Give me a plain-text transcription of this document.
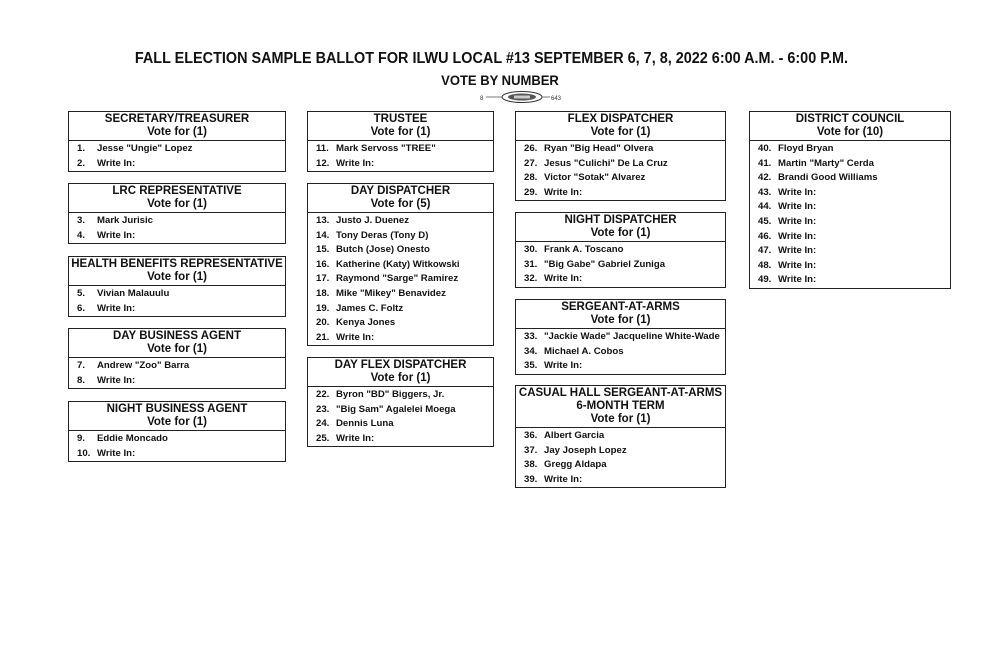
FALL ELECTION SAMPLE BALLOT FOR ILWU LOCAL #13 SEPTEMBER 6, 7, 8, 2022 6:00 A.M. - 6:00 P.M.
VOTE BY NUMBER
8	643
SECRETARY/TREASURER
Vote for (1)
1.	Jesse "Ungie" Lopez
2.	Write In:
LRC REPRESENTATIVE
Vote for (1)
3.	Mark Jurisic
4.	Write In:
HEALTH BENEFITS REPRESENTATIVE
Vote for (1)
5.	Vivian Malauulu
6.	Write In:
DAY BUSINESS AGENT
Vote for (1)
7.	Andrew "Zoo" Barra
8.	Write In:
NIGHT BUSINESS AGENT
Vote for (1)
9.	Eddie Moncado
10. Write In:
TRUSTEE
Vote for (1)
11. Mark Servoss "TREE"
12. Write In:
DAY DISPATCHER
Vote for (5)
13. Justo J. Duenez
14. Tony Deras (Tony D)
15. Butch (Jose) Onesto
16. Katherine (Katy) Witkowski
17. Raymond "Sarge" Ramirez
18. Mike "Mikey" Benavidez
19. James C. Foltz
20. Kenya Jones
21. Write In:
DAY FLEX DISPATCHER
Vote for (1)
22. Byron "BD" Biggers, Jr.
23. "Big Sam" Agalelei Moega
24. Dennis Luna
25. Write In:
FLEX DISPATCHER
Vote for (1)
26. Ryan "Big Head" Olvera
27. Jesus "Culichi" De La Cruz
28. Victor "Sotak" Alvarez
29. Write In:
NIGHT DISPATCHER
Vote for (1)
30. Frank A. Toscano
31. "Big Gabe" Gabriel Zuniga
32. Write In:
SERGEANT-AT-ARMS
Vote for (1)
33. "Jackie Wade" Jacqueline White-Wade
34. Michael A. Cobos
35. Write In:
CASUAL HALL SERGEANT-AT-ARMS
6-MONTH TERM
Vote for (1)
36. Albert Garcia
37. Jay Joseph Lopez
38. Gregg Aldapa
39. Write In:
DISTRICT COUNCIL
Vote for (10)
40. Floyd Bryan
41. Martin "Marty" Cerda
42. Brandi Good Williams
43. Write In:
44. Write In:
45. Write In:
46. Write In:
47. Write In:
48. Write In:
49. Write In:
